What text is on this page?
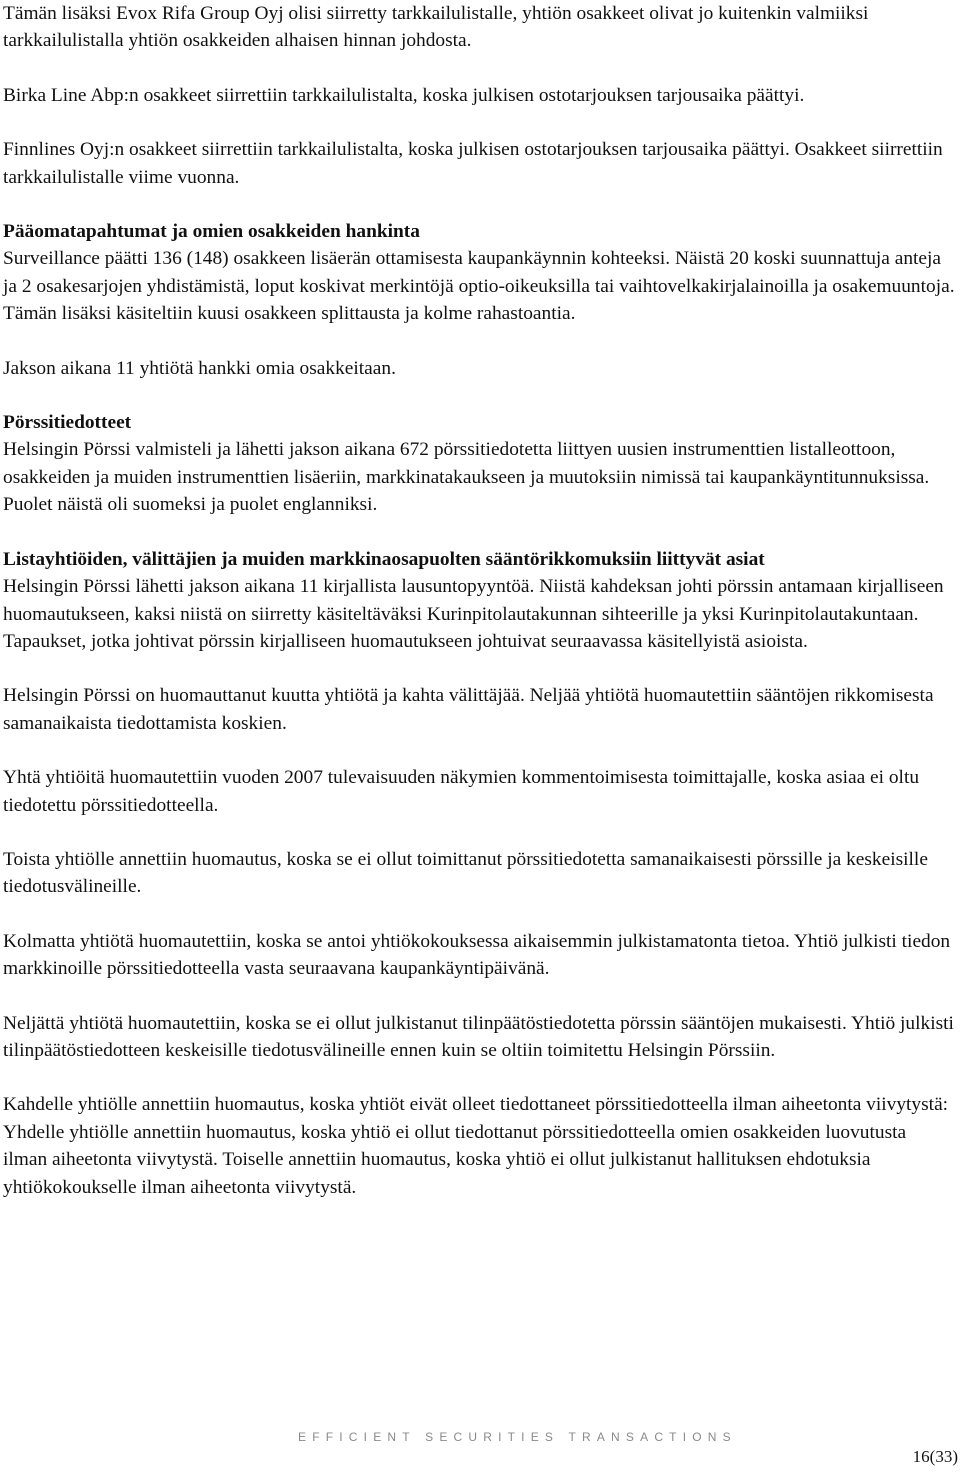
Tämän lisäksi Evox Rifa Group Oyj olisi siirretty tarkkailulistalle, yhtiön osakkeet olivat jo kuitenkin valmiiksi tarkkailulistalla yhtiön osakkeiden alhaisen hinnan johdosta.

Birka Line Abp:n osakkeet siirrettiin tarkkailulistalta, koska julkisen ostotarjouksen tarjousaika päättyi.

Finnlines Oyj:n osakkeet siirrettiin tarkkailulistalta, koska julkisen ostotarjouksen tarjousaika päättyi. Osakkeet siirrettiin tarkkailulistalle viime vuonna.

Pääomatapahtumat ja omien osakkeiden hankinta

Surveillance päätti 136 (148) osakkeen lisäerän ottamisesta kaupankäynnin kohteeksi. Näistä 20 koski suunnattuja anteja ja 2 osakesarjojen yhdistämistä, loput koskivat merkintöjä optio-oikeuksilla tai vaihtovelkakirjalainoilla ja osakemuuntoja. Tämän lisäksi käsiteltiin kuusi osakkeen splittausta ja kolme rahastoantia.

Jakson aikana 11 yhtiötä hankki omia osakkeitaan.

Pörssitiedotteet

Helsingin Pörssi valmisteli ja lähetti jakson aikana 672 pörssitiedotetta liittyen uusien instrumenttien listalleottoon, osakkeiden ja muiden instrumenttien lisäeriin, markkinatakaukseen ja muutoksiin nimissä tai kaupankäyntitunnuksissa. Puolet näistä oli suomeksi ja puolet englanniksi.

Listayhtiöiden, välittäjien ja muiden markkinaosapuolten sääntörikkomuksiin liittyvät asiat

Helsingin Pörssi lähetti jakson aikana 11 kirjallista lausuntopyyntöä. Niistä kahdeksan johti pörssin antamaan kirjalliseen huomautukseen, kaksi niistä on siirretty käsiteltäväksi Kurinpitolautakunnan sihteerille ja yksi Kurinpitolautakuntaan. Tapaukset, jotka johtivat pörssin kirjalliseen huomautukseen johtuivat seuraavassa käsitellyistä asioista.

Helsingin Pörssi on huomauttanut kuutta yhtiötä ja kahta välittäjää. Neljää yhtiötä huomautettiin sääntöjen rikkomisesta samanaikaista tiedottamista koskien.

Yhtä yhtiöitä huomautettiin vuoden 2007 tulevaisuuden näkymien kommentoimisesta toimittajalle, koska asiaa ei oltu tiedotettu pörssitiedotteella.

Toista yhtiölle annettiin huomautus, koska se ei ollut toimittanut pörssitiedotetta samanaikaisesti pörssille ja keskeisille tiedotusvälineille.

Kolmatta yhtiötä huomautettiin, koska se antoi yhtiökokouksessa aikaisemmin julkistamatonta tietoa. Yhtiö julkisti tiedon markkinoille pörssitiedotteella vasta seuraavana kaupankäyntipäivänä.

Neljättä yhtiötä huomautettiin, koska se ei ollut julkistanut tilinpäätöstiedotetta pörssin sääntöjen mukaisesti. Yhtiö julkisti tilinpäätöstiedotteen keskeisille tiedotusvälineille ennen kuin se oltiin toimitettu Helsingin Pörssiin.

Kahdelle yhtiölle annettiin huomautus, koska yhtiöt eivät olleet tiedottaneet pörssitiedotteella ilman aiheetonta viivytystä: Yhdelle yhtiölle annettiin huomautus, koska yhtiö ei ollut tiedottanut pörssitiedotteella omien osakkeiden luovutusta ilman aiheetonta viivytystä. Toiselle annettiin huomautus, koska yhtiö ei ollut julkistanut hallituksen ehdotuksia yhtiökokoukselle ilman aiheetonta viivytystä.

EFFICIENT SECURITIES TRANSACTIONS
16(33)
